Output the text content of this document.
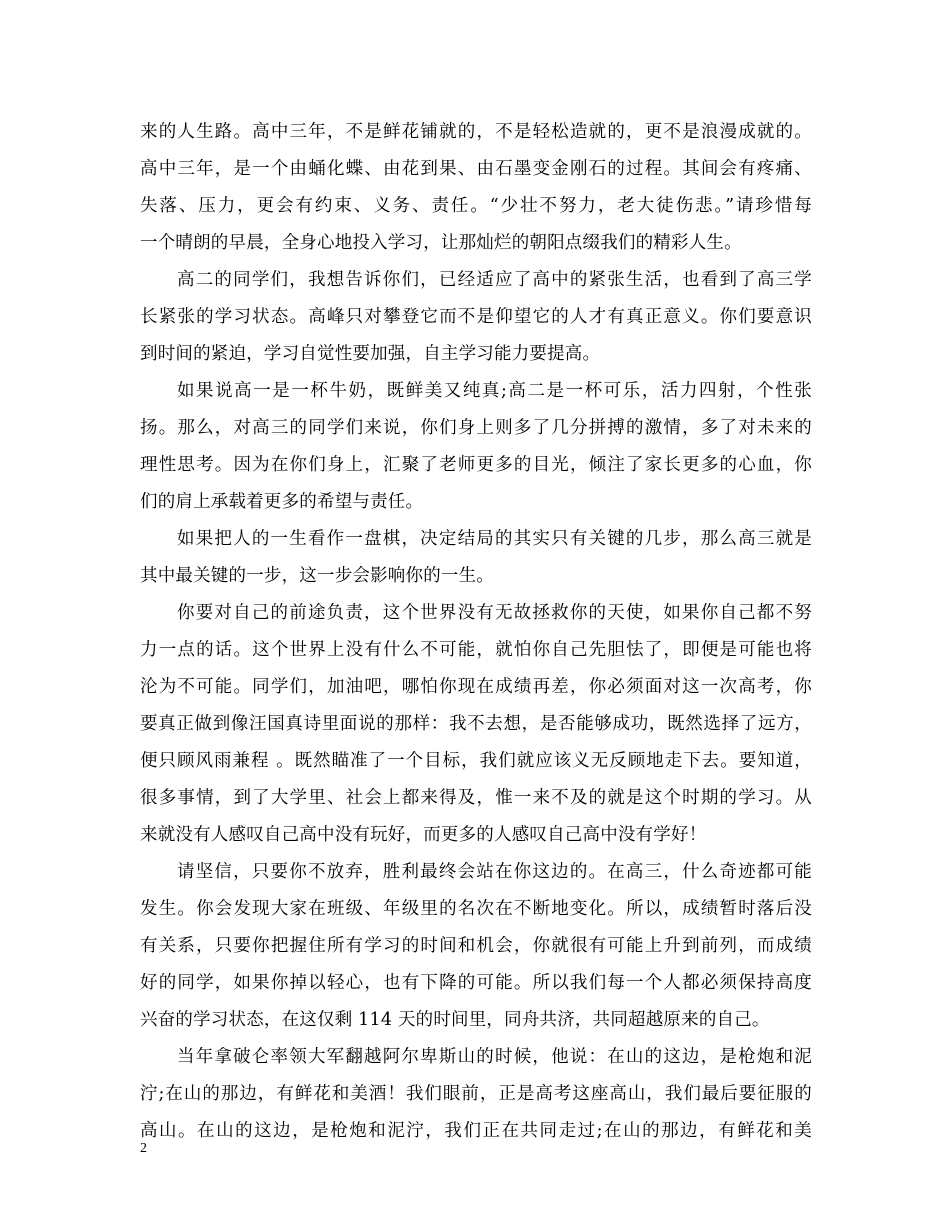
来的人生路。高中三年，不是鲜花铺就的，不是轻松造就的，更不是浪漫成就的。
高中三年，是一个由蛹化蝶、由花到果、由石墨变金刚石的过程。其间会有疼痛、
失落、压力，更会有约束、义务、责任。“少壮不努力，老大徒伤悲。”请珍惜每
一个晴朗的早晨，全身心地投入学习，让那灿烂的朝阳点缀我们的精彩人生。
高二的同学们，我想告诉你们，已经适应了高中的紧张生活，也看到了高三学
长紧张的学习状态。高峰只对攀登它而不是仰望它的人才有真正意义。你们要意识
到时间的紧迫，学习自觉性要加强，自主学习能力要提高。
如果说高一是一杯牛奶，既鲜美又纯真;高二是一杯可乐，活力四射，个性张
扬。那么，对高三的同学们来说，你们身上则多了几分拼搏的激情，多了对未来的
理性思考。因为在你们身上，汇聚了老师更多的目光，倾注了家长更多的心血，你
们的肩上承载着更多的希望与责任。
如果把人的一生看作一盘棋，决定结局的其实只有关键的几步，那么高三就是
其中最关键的一步，这一步会影响你的一生。
你要对自己的前途负责，这个世界没有无故拯救你的天使，如果你自己都不努
力一点的话。这个世界上没有什么不可能，就怕你自己先胆怯了，即便是可能也将
沦为不可能。同学们，加油吧，哪怕你现在成绩再差，你必须面对这一次高考，你
要真正做到像汪国真诗里面说的那样：我不去想，是否能够成功，既然选择了远方，
便只顾风雨兼程 。既然瞄准了一个目标，我们就应该义无反顾地走下去。要知道，
很多事情，到了大学里、社会上都来得及，惟一来不及的就是这个时期的学习。从
来就没有人感叹自己高中没有玩好，而更多的人感叹自己高中没有学好！
请坚信，只要你不放弃，胜利最终会站在你这边的。在高三，什么奇迹都可能
发生。你会发现大家在班级、年级里的名次在不断地变化。所以，成绩暂时落后没
有关系，只要你把握住所有学习的时间和机会，你就很有可能上升到前列，而成绩
好的同学，如果你掉以轻心，也有下降的可能。所以我们每一个人都必须保持高度
兴奋的学习状态，在这仅剩 114 天的时间里，同舟共济，共同超越原来的自己。
当年拿破仑率领大军翻越阿尔卑斯山的时候，他说：在山的这边，是枪炮和泥
泞;在山的那边，有鲜花和美酒！我们眼前，正是高考这座高山，我们最后要征服的
高山。在山的这边，是枪炮和泥泞，我们正在共同走过;在山的那边，有鲜花和美
2
